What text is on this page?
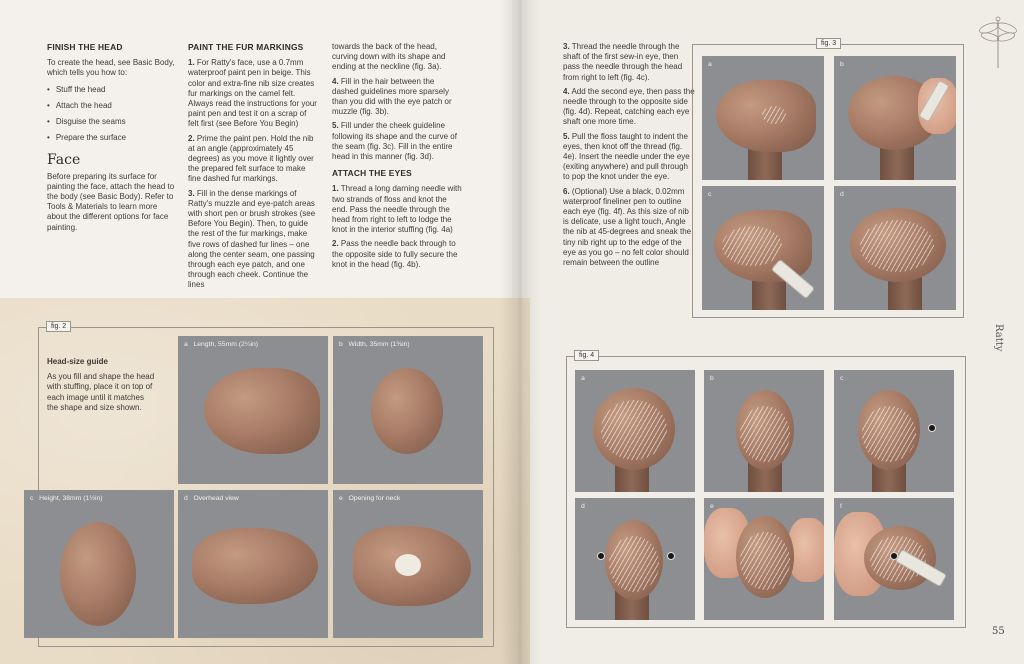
FINISH THE HEAD

To create the head, see Basic Body, which tells you how to:

• Stuff the head
• Attach the head
• Disguise the seams
• Prepare the surface
Face

Before preparing its surface for painting the face, attach the head to the body (see Basic Body). Refer to Tools & Materials to learn more about the different options for face painting.

PAINT THE FUR MARKINGS

1. For Ratty's face, use a 0.7mm waterproof paint pen in beige. This color and extra-fine nib size creates fur markings on the camel felt. Always read the instructions for your paint pen and test it on a scrap of felt first (see Before You Begin)

2. Prime the paint pen. Hold the nib at an angle (approximately 45 degrees) as you move it lightly over the prepared felt surface to make fine dashed fur markings.

3. Fill in the dense markings of Ratty's muzzle and eye-patch areas with short pen or brush strokes (see Before You Begin). Then, to guide the rest of the fur markings, make five rows of dashed fur lines – one along the center seam, one passing through each eye patch, and one through each cheek. Continue the lines

towards the back of the head, curving down with its shape and ending at the neckline (fig. 3a).

4. Fill in the hair between the dashed guidelines more sparsely than you did with the eye patch or muzzle (fig. 3b).

5. Fill under the cheek guideline following its shape and the curve of the seam (fig. 3c). Fill in the entire head in this manner (fig. 3d).

ATTACH THE EYES

1. Thread a long darning needle with two strands of floss and knot the end. Pass the needle through the head from right to left to lodge the knot in the interior stuffing (fig. 4a)

2. Pass the needle back through to the opposite side to fully secure the knot in the head (fig. 4b).

fig. 2
Head-size guide

As you fill and shape the head with stuffing, place it on top of each image until it matches the shape and size shown.

a Length, 55mm (2¼in)	b Width, 35mm (1⅜in)
c Height, 38mm (1½in)	d Overhead view	e Opening for neck

3. Thread the needle through the shaft of the first sew-in eye, then pass the needle through the head from right to left (fig. 4c).

4. Add the second eye, then pass the needle through to the opposite side (fig. 4d). Repeat, catching each eye shaft one more time.

5. Pull the floss taught to indent the eyes, then knot off the thread (fig. 4e). Insert the needle under the eye (exiting anywhere) and pull through to pop the knot under the eye.

6. (Optional) Use a black, 0.02mm waterproof fineliner pen to outline each eye (fig. 4f). As this size of nib is delicate, use a light touch, Angle the nib at 45-degrees and sneak the tiny nib right up to the edge of the eye as you go – no felt color should remain between the outline

fig. 3
a	b
c	d
Ratty
55
fig. 4
a	b	c
d	e	f
